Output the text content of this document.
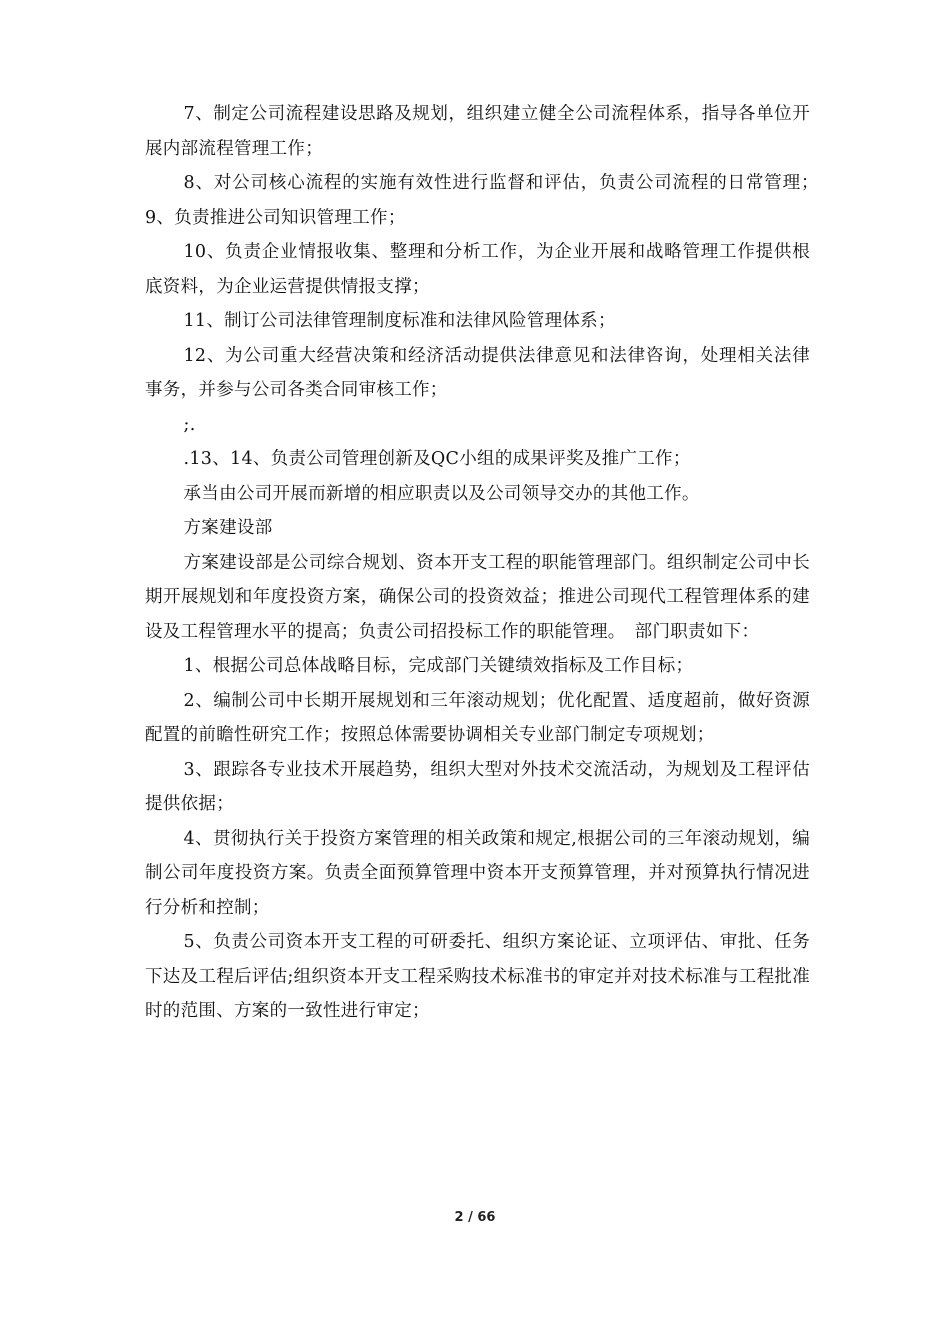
7、制定公司流程建设思路及规划，组织建立健全公司流程体系，指导各单位开展内部流程管理工作；

8、对公司核心流程的实施有效性进行监督和评估，负责公司流程的日常管理；　9、负责推进公司知识管理工作；

10、负责企业情报收集、整理和分析工作，为企业开展和战略管理工作提供根底资料，为企业运营提供情报支撑；

11、制订公司法律管理制度标准和法律风险管理体系；

12、为公司重大经营决策和经济活动提供法律意见和法律咨询，处理相关法律事务，并参与公司各类合同审核工作；

;.

.13、14、负责公司管理创新及QC小组的成果评奖及推广工作；

承当由公司开展而新增的相应职责以及公司领导交办的其他工作。

方案建设部

方案建设部是公司综合规划、资本开支工程的职能管理部门。组织制定公司中长期开展规划和年度投资方案，确保公司的投资效益；推进公司现代工程管理体系的建设及工程管理水平的提高；负责公司招投标工作的职能管理。　部门职责如下：

1、根据公司总体战略目标，完成部门关键绩效指标及工作目标；

2、编制公司中长期开展规划和三年滚动规划；优化配置、适度超前，做好资源配置的前瞻性研究工作；按照总体需要协调相关专业部门制定专项规划；

3、跟踪各专业技术开展趋势，组织大型对外技术交流活动，为规划及工程评估提供依据；

4、贯彻执行关于投资方案管理的相关政策和规定,根据公司的三年滚动规划，编制公司年度投资方案。负责全面预算管理中资本开支预算管理，并对预算执行情况进行分析和控制；

5、负责公司资本开支工程的可研委托、组织方案论证、立项评估、审批、任务下达及工程后评估;组织资本开支工程采购技术标准书的审定并对技术标准与工程批准时的范围、方案的一致性进行审定；

2 / 66
